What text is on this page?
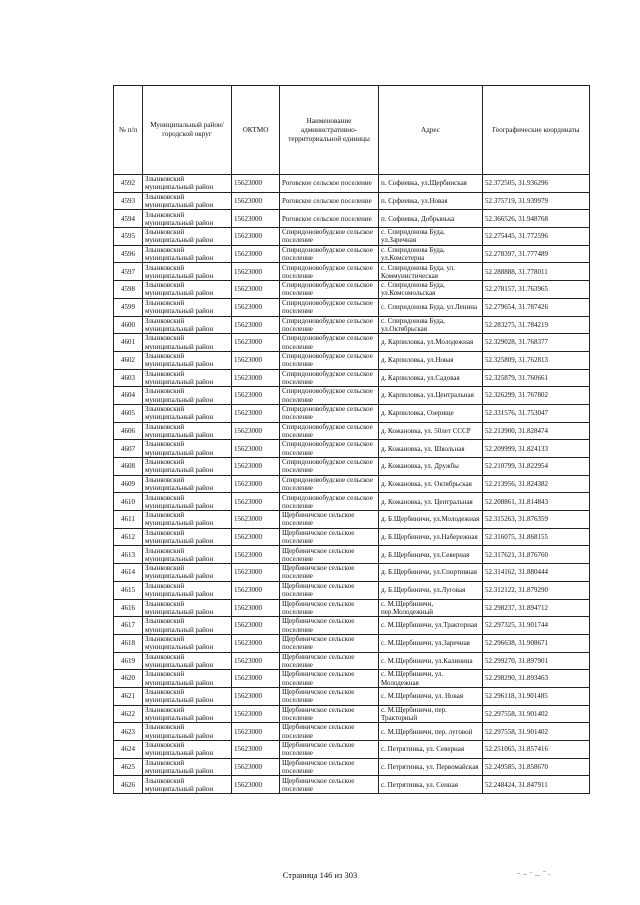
№ п/п	Муниципальный район/городской округ	ОКТМО	Наименование административно-территориальной единицы	Адрес	Географические координаты
4592	Злынковский муниципальный район	15623000	Роговское сельское поселение	п. Софиевка, ул.Щербинская	52.372505, 31.936296
4593	Злынковский муниципальный район	15623000	Роговское сельское поселение	п. Срфиевка, ул.Новая	52.375719, 31.939979
4594	Злынковский муниципальный район	15623000	Роговское сельское поселение	п. Софиевка, Добрынька	52.366526, 31.948768
4595	Злынковский муниципальный район	15623000	Спиридоновобудское сельское поселение	с. Спиридонова Буда, ул.Заречная	52.275445, 31.772596
4596	Злынковский муниципальный район	15623000	Спиридоновобудское сельское поселение	с. Спиридонова Буда, ул.Комсетерна	52.278397, 31.777489
4597	Злынковский муниципальный район	15623000	Спиридоновобудское сельское поселение	с. Спиридонова Буда, ул. Коммунистическая	52.288888, 31.778011
4598	Злынковский муниципальный район	15623000	Спиридоновобудское сельское поселение	с. Спиридонова Буда, ул.Комсомольская	52.278157, 31.763965
4599	Злынковский муниципальный район	15623000	Спиридоновобудское сельское поселение	с. Спиридонова Буда, ул.Ленина	52.279654, 31.787426
4600	Злынковский муниципальный район	15623000	Спиридоновобудское сельское поселение	с. Спиридонова Буда, ул.Октябрьская	52.283275, 31.784219
4601	Злынковский муниципальный район	15623000	Спиридоновобудское сельское поселение	д. Карпиловка, ул.Молодежная	52.329028, 31.768377
4602	Злынковский муниципальный район	15623000	Спиридоновобудское сельское поселение	д. Карпиловка, ул.Новая	52.325809, 31.762813
4603	Злынковский муниципальный район	15623000	Спиридоновобудское сельское поселение	д. Карпиловка, ул.Садовая	52.325879, 31.760661
4604	Злынковский муниципальный район	15623000	Спиридоновобудское сельское поселение	д. Карпиловка, ул.Центральная	52.326299, 31.767802
4605	Злынковский муниципальный район	15623000	Спиридоновобудское сельское поселение	д. Карпиловка, Озерище	52.331576, 31.753047
4606	Злынковский муниципальный район	15623000	Спиридоновобудское сельское поселение	д. Кожановка, ул. 50лет СССР	52.213900, 31.828474
4607	Злынковский муниципальный район	15623000	Спиридоновобудское сельское поселение	д. Кожановка, ул. Школьная	52.209999, 31.824133
4608	Злынковский муниципальный район	15623000	Спиридоновобудское сельское поселение	д. Кожановка, ул. Дружбы	52.210799, 31.822954
4609	Злынковский муниципальный район	15623000	Спиридоновобудское сельское поселение	д. Кожановка, ул. Октябрьская	52.213956, 31.824382
4610	Злынковский муниципальный район	15623000	Спиридоновобудское сельское поселение	д. Кожановка, ул. Центральная	52.208861, 31.814843
4611	Злынковский муниципальный район	15623000	Щербиничское сельское поселение	д. Б.Щербиничи, ул.Молодежная	52.315263, 31.876359
4612	Злынковский муниципальный район	15623000	Щербиничское сельское поселение	д. Б.Щербиничи, ул.Набережная	52.316075, 31.868155
4613	Злынковский муниципальный район	15623000	Щербиничское сельское поселение	д. Б.Щербиничи, ул.Северная	52.317621, 31.876760
4614	Злынковский муниципальный район	15623000	Щербиничское сельское поселение	д. Б.Щербиничи, ул.Спортивная	52.314162, 31.880444
4615	Злынковский муниципальный район	15623000	Щербиничское сельское поселение	д. Б.Щербиничи, ул.Луговая	52.312122, 31.879290
4616	Злынковский муниципальный район	15623000	Щербиничское сельское поселение	с. М.Щербиничи, пер.Молодежный	52.298237, 31.894712
4617	Злынковский муниципальный район	15623000	Щербиничское сельское поселение	с. М.Щербиничи, ул.Тракторная	52.297325, 31.901744
4618	Злынковский муниципальный район	15623000	Щербиничское сельское поселение	с. М.Щербиничи, ул.Заречная	52.296638, 31.908671
4619	Злынковский муниципальный район	15623000	Щербиничское сельское поселение	с. М.Щербиничи, ул.Калинина	52.299270, 31.897901
4620	Злынковский муниципальный район	15623000	Щербиничское сельское поселение	с. М.Щербиничи, ул. Молодежная	52.298290, 31.893463
4621	Злынковский муниципальный район	15623000	Щербиничское сельское поселение	с. М.Щербиничи, ул. Новая	52.296118, 31.901485
4622	Злынковский муниципальный район	15623000	Щербиничское сельское поселение	с. М.Щербиничи, пер. Тракторный	52.297558, 31.901402
4623	Злынковский муниципальный район	15623000	Щербиничское сельское поселение	с. М.Щербиничи, пер. луговой	52.297558, 31.901402
4624	Злынковский муниципальный район	15623000	Щербиничское сельское поселение	с. Петрятинка, ул. Северная	52.251065, 31.857416
4625	Злынковский муниципальный район	15623000	Щербиничское сельское поселение	с. Петрятинка, ул. Первомайская	52.249585, 31.858670
4626	Злынковский муниципальный район	15623000	Щербиничское сельское поселение	с. Петрятинка, ул. Сенная	52.248424, 31.847911
Страница 146 из 303
